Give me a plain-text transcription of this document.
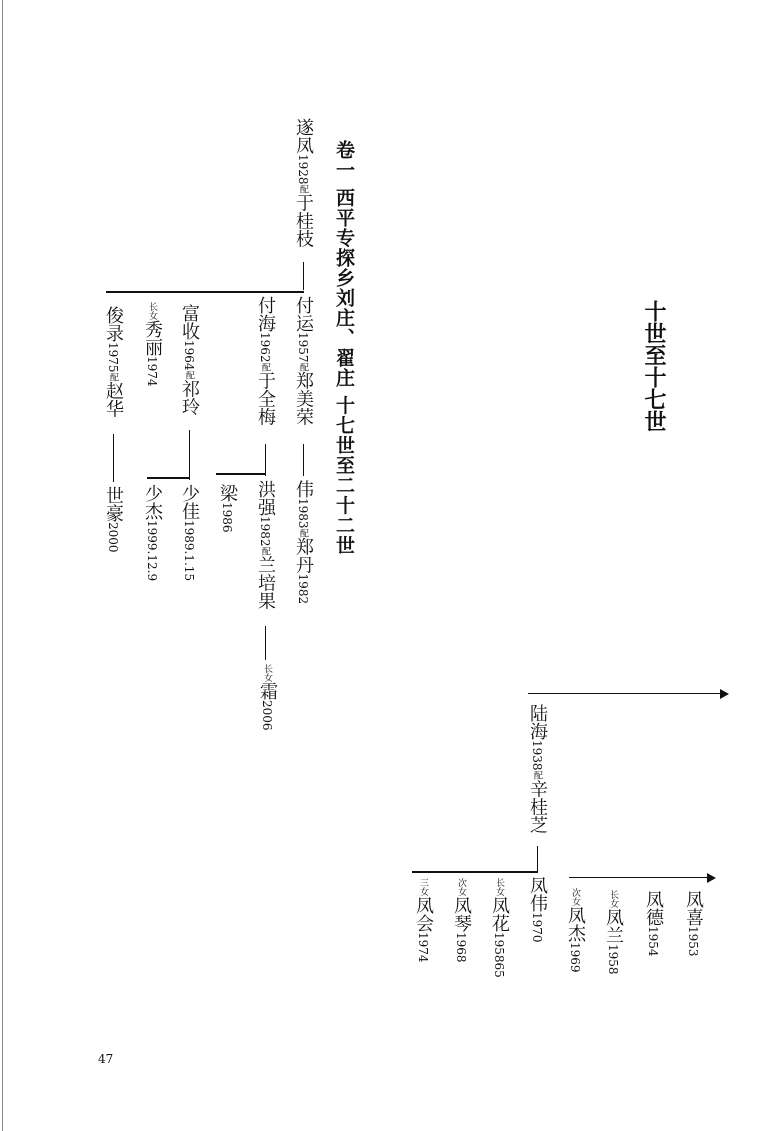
十世至十七世
卷一 西平专探乡刘庄、翟庄 十七世至二十二世
遂凤1928配于桂枝
付运1957配郑美荣
伟1983配郑丹1982
付海1962配于全梅
洪强1982配兰培果
长女霜2006
梁1986
富收1964配祁玲
少佳1989.1.15
长女秀丽1974
少杰1999.12.9
俊录1975配赵华
世豪2000
陆海1938配辛桂芝
凤伟1970
长女凤花195865
次女凤琴1968
三女凤会1974
凤喜1953
凤德1954
长女凤兰1958
次女凤杰1969
47
